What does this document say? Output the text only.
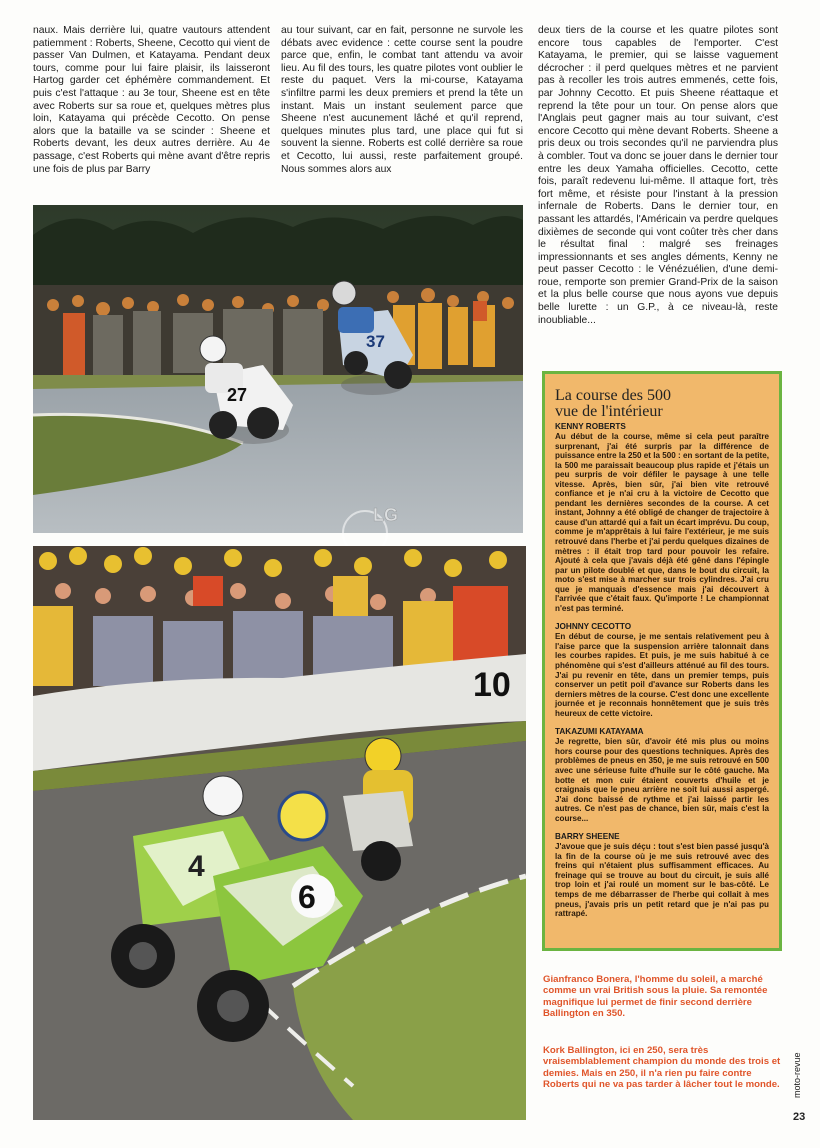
naux. Mais derrière lui, quatre vautours attendent patiemment : Roberts, Sheene, Cecotto qui vient de passer Van Dulmen, et Katayama. Pendant deux tours, comme pour lui faire plaisir, ils laisseront Hartog garder cet éphémère commandement. Et puis c'est l'attaque : au 3e tour, Sheene est en tête avec Roberts sur sa roue et, quelques mètres plus loin, Katayama qui précède Cecotto. On pense alors que la bataille va se scinder : Sheene et Roberts devant, les deux autres derrière. Au 4e passage, c'est Roberts qui mène avant d'être repris une fois de plus par Barry
au tour suivant, car en fait, personne ne survole les débats avec evidence : cette course sent la poudre parce que, enfin, le combat tant attendu va avoir lieu. Au fil des tours, les quatre pilotes vont oublier le reste du paquet. Vers la mi-course, Katayama s'infiltre parmi les deux premiers et prend la tête un instant. Mais un instant seulement parce que Sheene n'est aucunement lâché et qu'il reprend, quelques minutes plus tard, une place qui fut si souvent la sienne. Roberts est collé derrière sa roue et Cecotto, lui aussi, reste parfaitement groupé. Nous sommes alors aux
deux tiers de la course et les quatre pilotes sont encore tous capables de l'emporter. C'est Katayama, le premier, qui se laisse vaguement décrocher : il perd quelques mètres et ne parvient pas à recoller les trois autres emmenés, cette fois, par Johnny Cecotto. Et puis Sheene réattaque et reprend la tête pour un tour. On pense alors que l'Anglais peut gagner mais au tour suivant, c'est encore Cecotto qui mène devant Roberts. Sheene a pris deux ou trois secondes qu'il ne parviendra plus à combler. Tout va donc se jouer dans le dernier tour entre les deux Yamaha officielles. Cecotto, cette fois, paraît redevenu lui-même. Il attaque fort, très fort même, et résiste pour l'instant à la pression infernale de Roberts. Dans le dernier tour, en passant les attardés, l'Américain va perdre quelques dixièmes de seconde qui vont coûter très cher dans le résultat final : malgré ses freinages impressionnants et ses angles déments, Kenny ne peut passer Cecotto : le Vénézuélien, d'une demi-roue, remporte son premier Grand-Prix de la saison et la plus belle course que nous ayons vue depuis belle lurette : un G.P., à ce niveau-là, reste inoubliable...
27
37
LG
10
4
6
La course des 500
vue de l'intérieur
KENNY ROBERTS
Au début de la course, même si cela peut paraître surprenant, j'ai été surpris par la différence de puissance entre la 250 et la 500 : en sortant de la petite, la 500 me paraissait beaucoup plus rapide et j'étais un peu surpris de voir défiler le paysage à une telle vitesse. Après, bien sûr, j'ai bien vite retrouvé confiance et je n'ai cru à la victoire de Cecotto que pendant les dernières secondes de la course. A cet instant, Johnny a été obligé de changer de trajectoire à cause d'un attardé qui a fait un écart imprévu. Du coup, comme je m'apprêtais à lui faire l'extérieur, je me suis retrouvé dans l'herbe et j'ai perdu quelques dizaines de mètres : il était trop tard pour pouvoir les refaire. Ajouté à cela que j'avais déjà été gêné dans l'épingle par un pilote doublé et que, dans le bout du circuit, la moto s'est mise à marcher sur trois cylindres. J'ai cru que je manquais d'essence mais j'ai découvert à l'arrivée que c'était faux. Qu'importe ! Le championnat n'est pas terminé.
JOHNNY CECOTTO
En début de course, je me sentais relativement peu à l'aise parce que la suspension arrière talonnait dans les courbes rapides. Et puis, je me suis habitué à ce phénomène qui s'est d'ailleurs atténué au fil des tours. J'ai pu revenir en tête, dans un premier temps, puis conserver un petit poil d'avance sur Roberts dans les derniers mètres de la course. C'est donc une excellente journée et je reconnais honnêtement que je suis très heureux de cette victoire.
TAKAZUMI KATAYAMA
Je regrette, bien sûr, d'avoir été mis plus ou moins hors course pour des questions techniques. Après des problèmes de pneus en 350, je me suis retrouvé en 500 avec une sérieuse fuite d'huile sur le côté gauche. Ma botte et mon cuir étaient couverts d'huile et je craignais que le pneu arrière ne soit lui aussi aspergé. J'ai donc baissé de rythme et j'ai laissé partir les autres. Ce n'est pas de chance, bien sûr, mais c'est la course...
BARRY SHEENE
J'avoue que je suis déçu : tout s'est bien passé jusqu'à la fin de la course où je me suis retrouvé avec des freins qui n'étaient plus suffisamment efficaces. Au freinage qui se trouve au bout du circuit, je suis allé trop loin et j'ai roulé un moment sur le bas-côté. Le temps de me débarrasser de l'herbe qui collait à mes pneus, j'avais pris un petit retard que je n'ai pas pu rattrapé.
Gianfranco Bonera, l'homme du soleil, a marché comme un vrai British sous la pluie. Sa remontée magnifique lui permet de finir second derrière Ballington en 350.
Kork Ballington, ici en 250, sera très vraisemblablement champion du monde des trois et demies. Mais en 250, il n'a rien pu faire contre Roberts qui ne va pas tarder à lâcher tout le monde.	moto-revue
23
